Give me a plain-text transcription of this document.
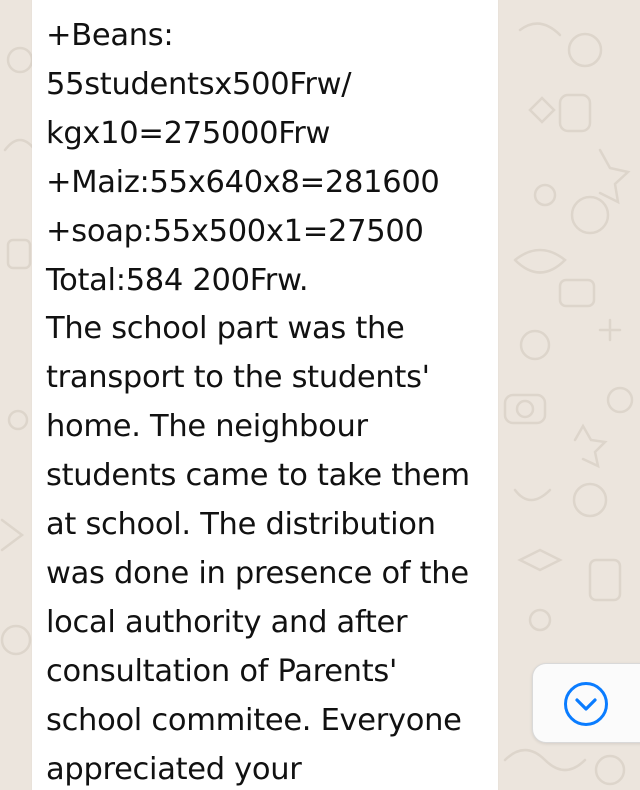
+Beans:
55studentsx500Frw/
kgx10=275000Frw
+Maiz:55x640x8=281600
+soap:55x500x1=27500
Total:584 200Frw.
The school part was the
transport to the students'
home. The neighbour
students came to take them
at school. The distribution
was done in presence of the
local authority and after
consultation of Parents'
school commitee. Everyone
appreciated your
